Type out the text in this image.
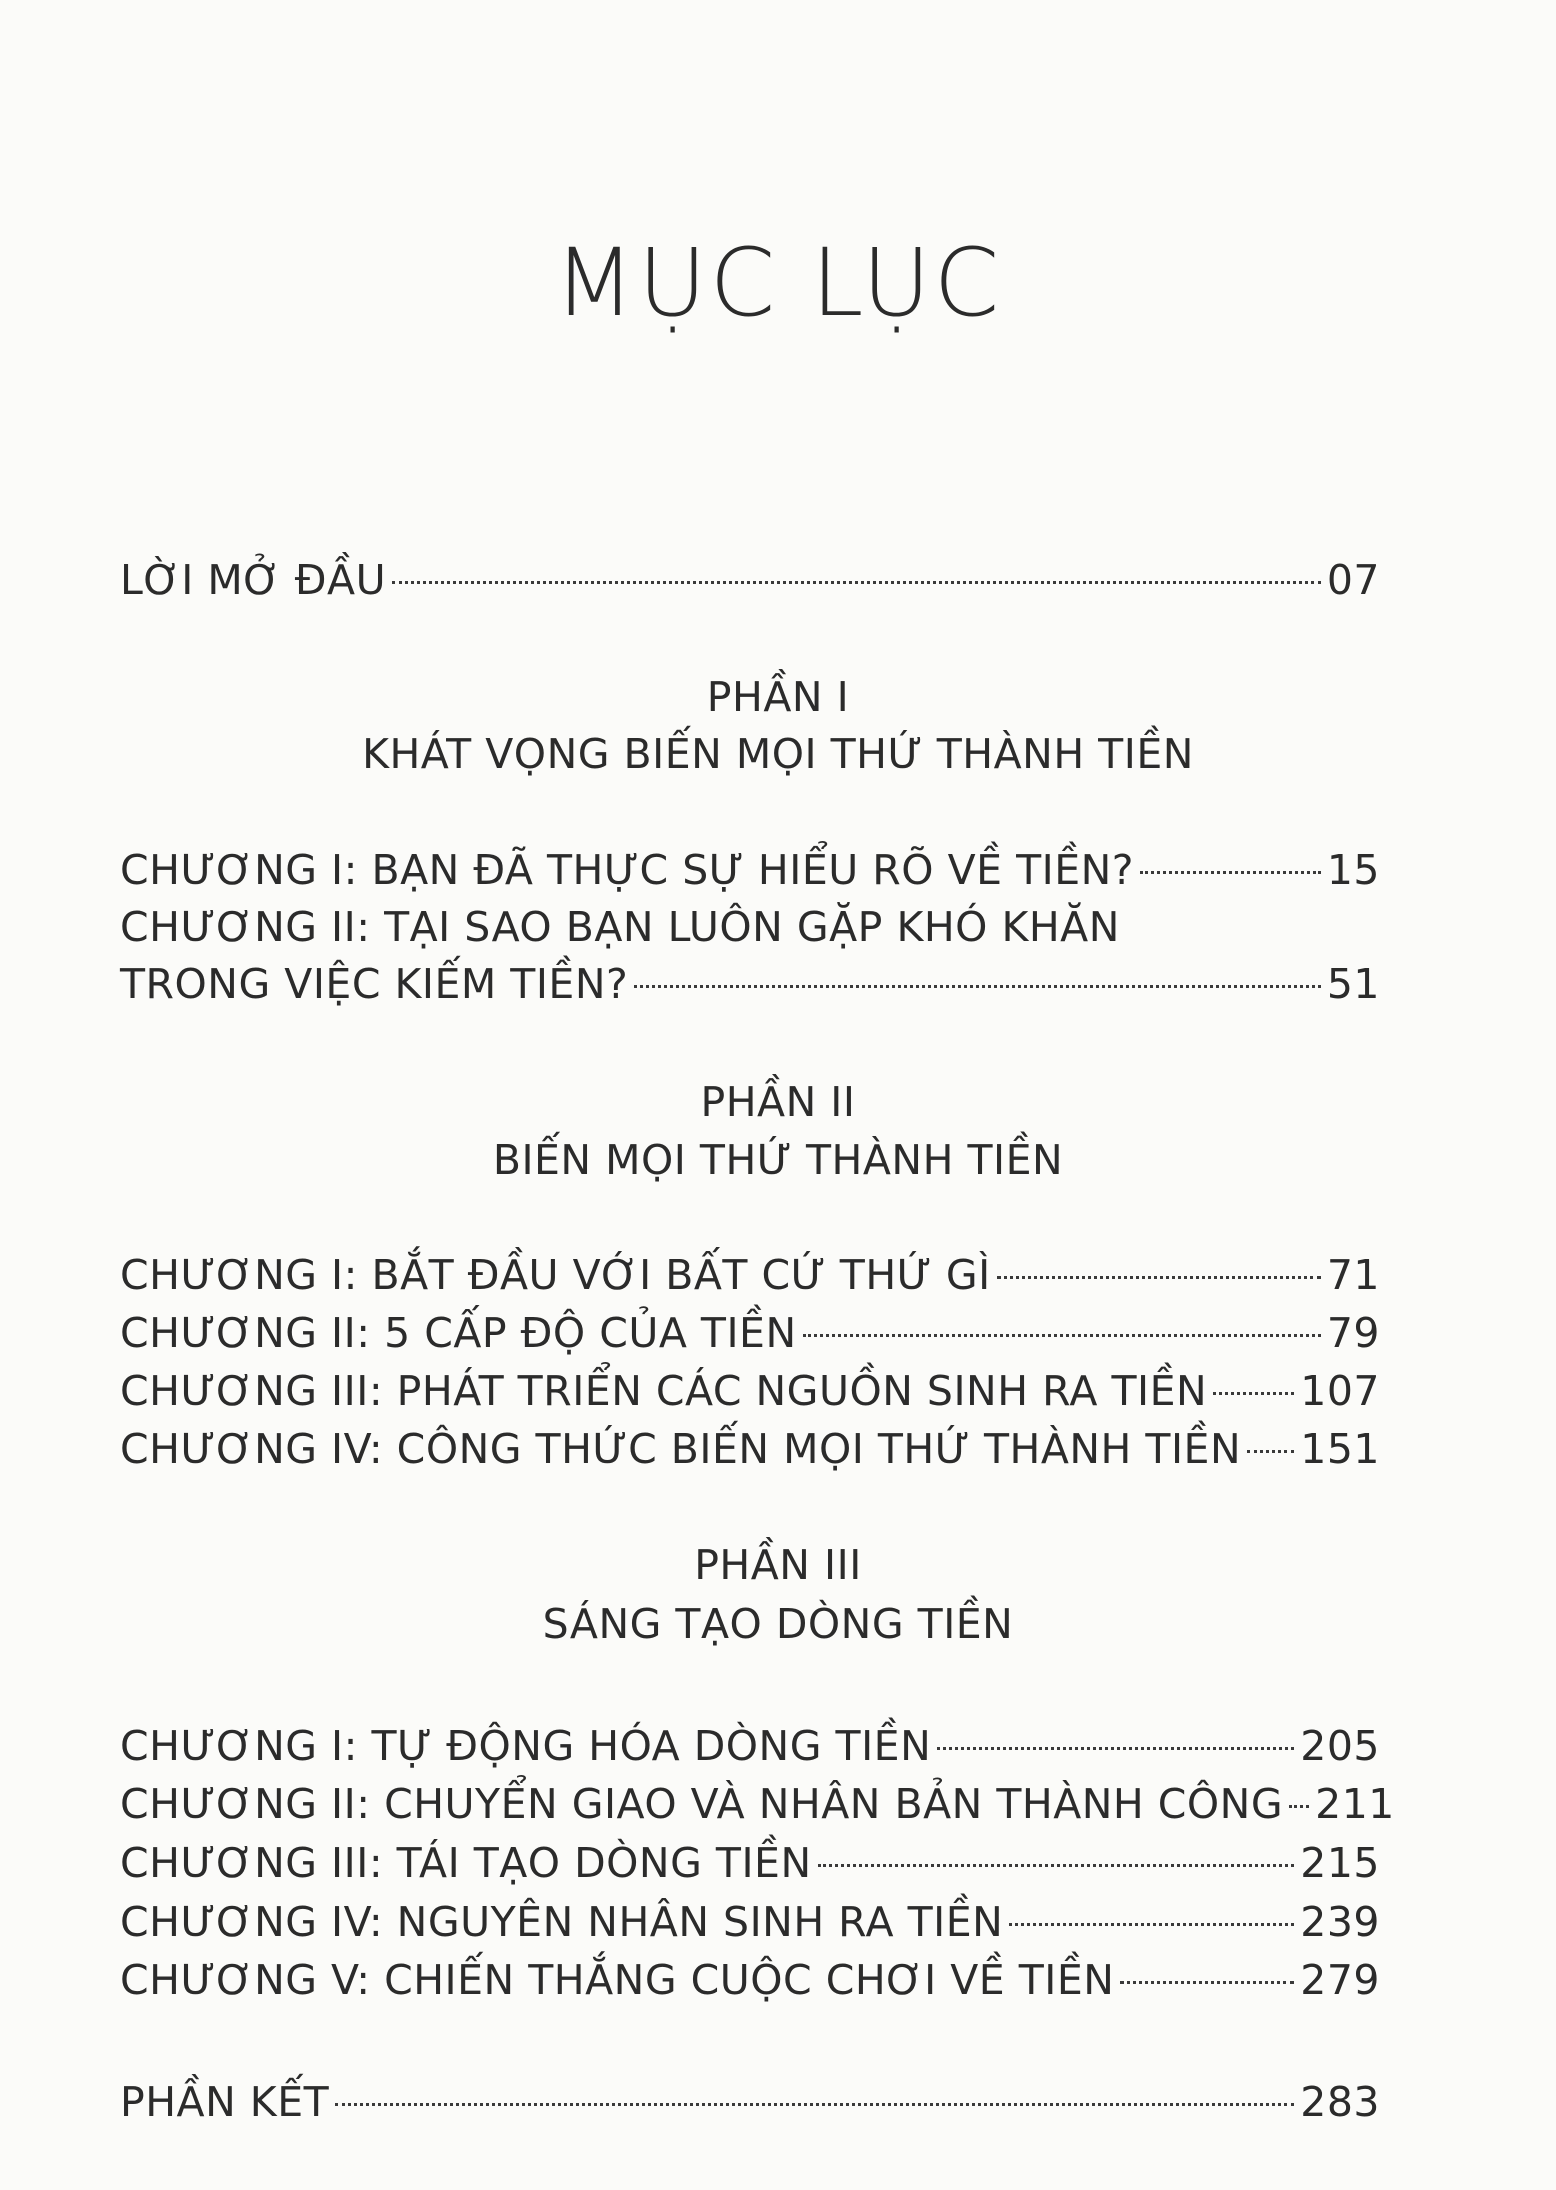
MỤC LỤC
LỜI MỞ ĐẦU	07
PHẦN I
KHÁT VỌNG BIẾN MỌI THỨ THÀNH TIỀN
CHƯƠNG I: BẠN ĐÃ THỰC SỰ HIỂU RÕ VỀ TIỀN?	15
CHƯƠNG II: TẠI SAO BẠN LUÔN GẶP KHÓ KHĂN
TRONG VIỆC KIẾM TIỀN?	51
PHẦN II
BIẾN MỌI THỨ THÀNH TIỀN
CHƯƠNG I: BẮT ĐẦU VỚI BẤT CỨ THỨ GÌ	71
CHƯƠNG II: 5 CẤP ĐỘ CỦA TIỀN	79
CHƯƠNG III: PHÁT TRIỂN CÁC NGUỒN SINH RA TIỀN 107
CHƯƠNG IV: CÔNG THỨC BIẾN MỌI THỨ THÀNH TIỀN 151
PHẦN III
SÁNG TẠO DÒNG TIỀN
CHƯƠNG I: TỰ ĐỘNG HÓA DÒNG TIỀN	205
CHƯƠNG II: CHUYỂN GIAO VÀ NHÂN BẢN THÀNH CÔNG 211
CHƯƠNG III: TÁI TẠO DÒNG TIỀN	215
CHƯƠNG IV: NGUYÊN NHÂN SINH RA TIỀN	239
CHƯƠNG V: CHIẾN THẮNG CUỘC CHƠI VỀ TIỀN	279
PHẦN KẾT	283
